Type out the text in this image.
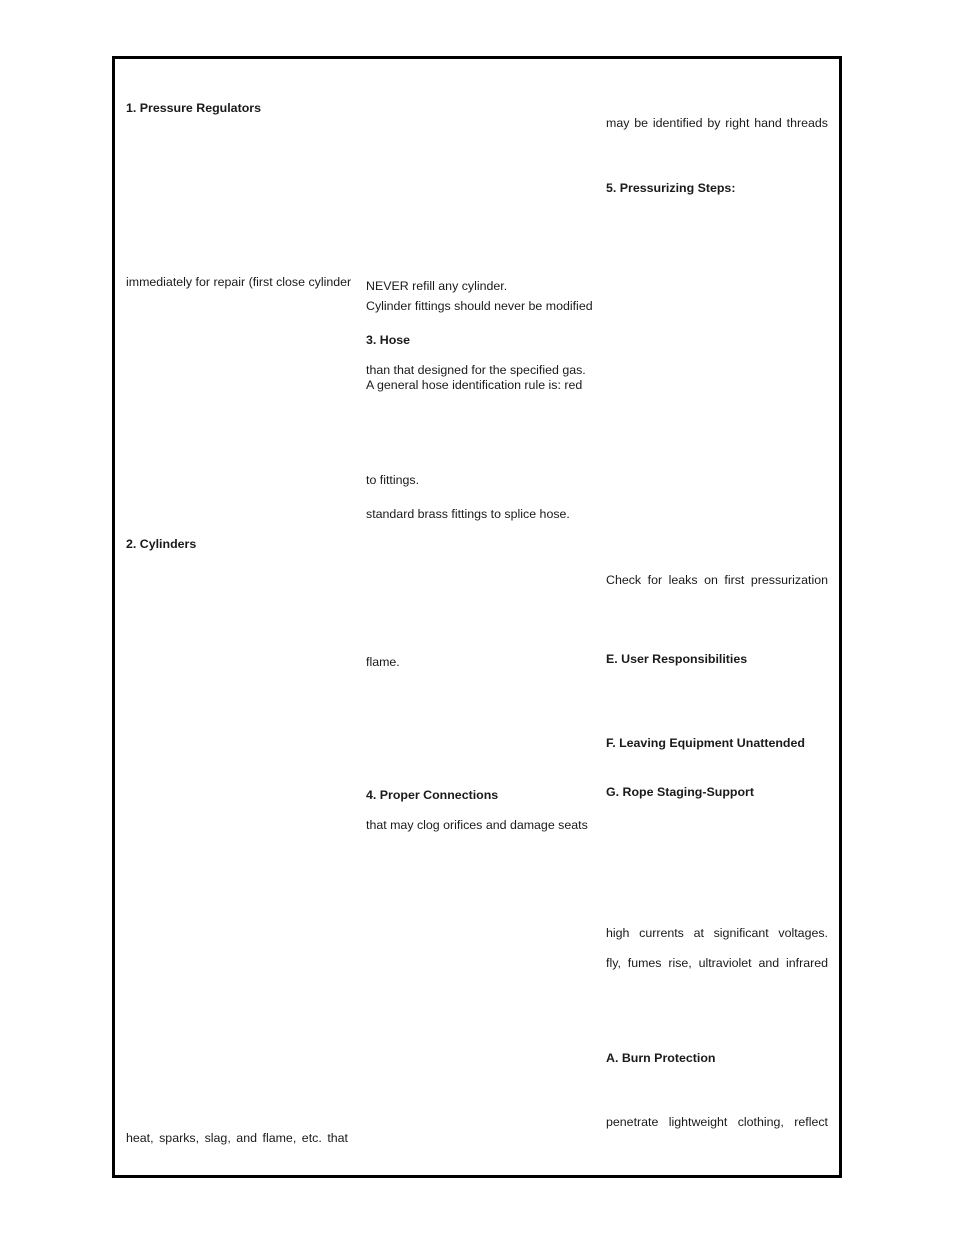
1. Pressure Regulators

immediately for repair (first close cylinder

2. Cylinders

heat, sparks, slag, and flame, etc. that

NEVER refill any cylinder.

Cylinder fittings should never be modified

3. Hose

than that designed for the specified gas.

A general hose identification rule is: red

to fittings.

standard brass fittings to splice hose.

flame.

4. Proper Connections

that may clog orifices and damage seats

may be identified by right hand threads

5. Pressurizing Steps:

Check for leaks on first pressurization

E. User Responsibilities

F. Leaving Equipment Unattended

G. Rope Staging-Support

high currents at significant voltages.

fly, fumes rise, ultraviolet and infrared

A. Burn Protection

penetrate lightweight clothing, reflect
